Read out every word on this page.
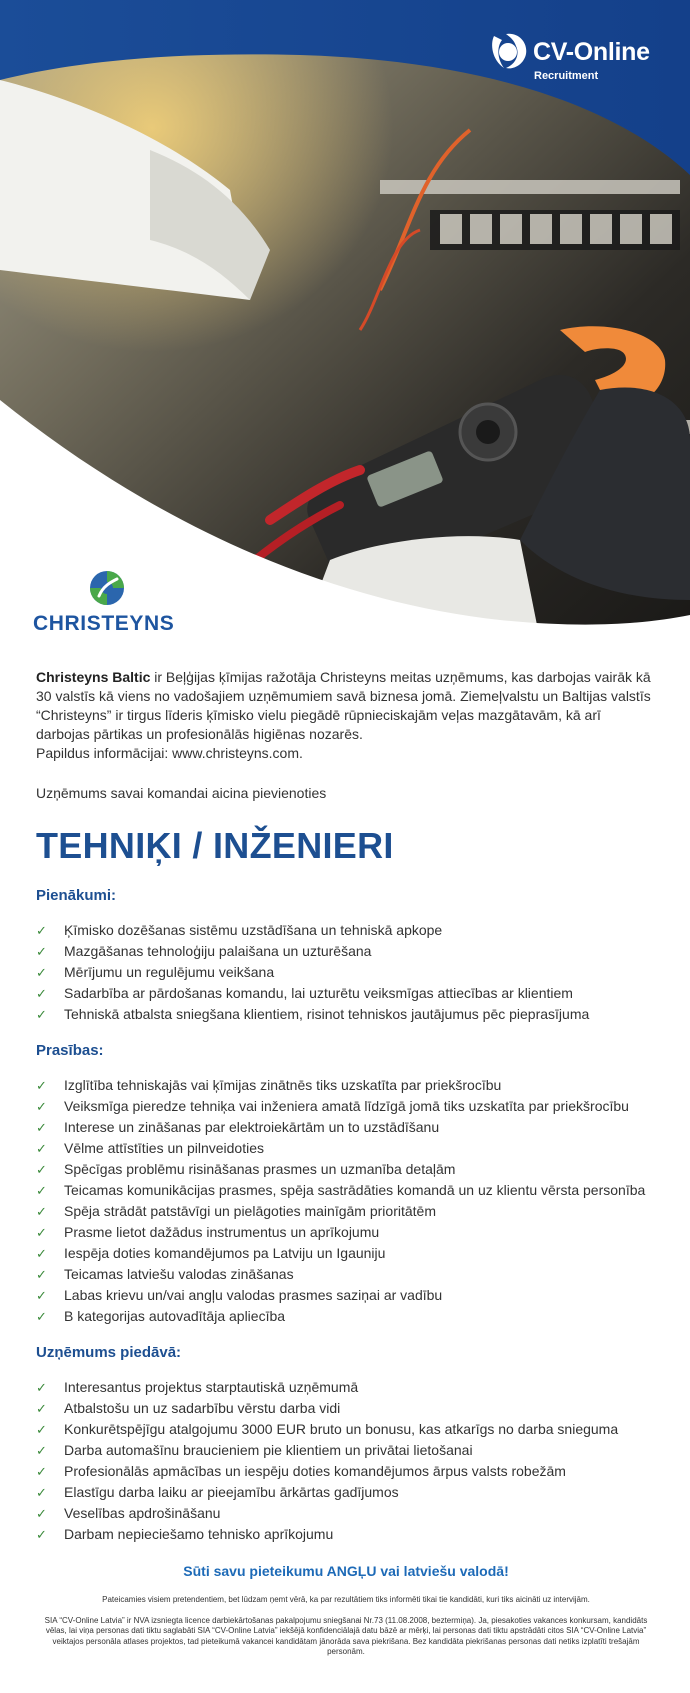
CV-Online
Recruitment
CHRISTEYNS

Christeyns Baltic ir Beļģijas ķīmijas ražotāja Christeyns meitas uzņēmums, kas darbojas vairāk kā 30 valstīs kā viens no vadošajiem uzņēmumiem savā biznesa jomā. Ziemeļvalstu un Baltijas valstīs “Christeyns” ir tirgus līderis ķīmisko vielu piegādē rūpnieciskajām veļas mazgātavām, kā arī darbojas pārtikas un profesionālās higiēnas nozarēs.
Papildus informācijai: www.christeyns.com.

Uzņēmums savai komandai aicina pievienoties

TEHNIĶI / INŽENIERI
Pienākumi:
✓ Ķīmisko dozēšanas sistēmu uzstādīšana un tehniskā apkope
✓ Mazgāšanas tehnoloģiju palaišana un uzturēšana
✓ Mērījumu un regulējumu veikšana
✓ Sadarbība ar pārdošanas komandu, lai uzturētu veiksmīgas attiecības ar klientiem
✓ Tehniskā atbalsta sniegšana klientiem, risinot tehniskos jautājumus pēc pieprasījuma
Prasības:
✓ Izglītība tehniskajās vai ķīmijas zinātnēs tiks uzskatīta par priekšrocību
✓ Veiksmīga pieredze tehniķa vai inženiera amatā līdzīgā jomā tiks uzskatīta par priekšrocību
✓ Interese un zināšanas par elektroiekārtām un to uzstādīšanu
✓ Vēlme attīstīties un pilnveidoties
✓ Spēcīgas problēmu risināšanas prasmes un uzmanība detaļām
✓ Teicamas komunikācijas prasmes, spēja sastrādāties komandā un uz klientu vērsta personība
✓ Spēja strādāt patstāvīgi un pielāgoties mainīgām prioritātēm
✓ Prasme lietot dažādus instrumentus un aprīkojumu
✓ Iespēja doties komandējumos pa Latviju un Igauniju
✓ Teicamas latviešu valodas zināšanas
✓ Labas krievu un/vai angļu valodas prasmes saziņai ar vadību
✓ B kategorijas autovadītāja apliecība
Uzņēmums piedāvā:
✓ Interesantus projektus starptautiskā uzņēmumā
✓ Atbalstošu un uz sadarbību vērstu darba vidi
✓ Konkurētspējīgu atalgojumu 3000 EUR bruto un bonusu, kas atkarīgs no darba snieguma
✓ Darba automašīnu braucieniem pie klientiem un privātai lietošanai
✓ Profesionālās apmācības un iespēju doties komandējumos ārpus valsts robežām
✓ Elastīgu darba laiku ar pieejamību ārkārtas gadījumos
✓ Veselības apdrošināšanu
✓ Darbam nepieciešamo tehnisko aprīkojumu

Sūti savu pieteikumu ANGĻU vai latviešu valodā!

Pateicamies visiem pretendentiem, bet lūdzam ņemt vērā, ka par rezultātiem tiks informēti tikai tie kandidāti, kuri tiks aicināti uz intervijām.

SIA “CV-Online Latvia” ir NVA izsniegta licence darbiekārtošanas pakalpojumu sniegšanai Nr.73 (11.08.2008, beztermiņa). Ja, piesakoties vakances konkursam, kandidāts vēlas, lai viņa personas dati tiktu saglabāti SIA “CV-Online Latvia” iekšējā konfidenciālajā datu bāzē ar mērķi, lai personas dati tiktu apstrādāti citos SIA “CV-Online Latvia” veiktajos personāla atlases projektos, tad pieteikumā vakancei kandidātam jānorāda sava piekrišana. Bez kandidāta piekrišanas personas dati netiks izplatīti trešajām personām.
